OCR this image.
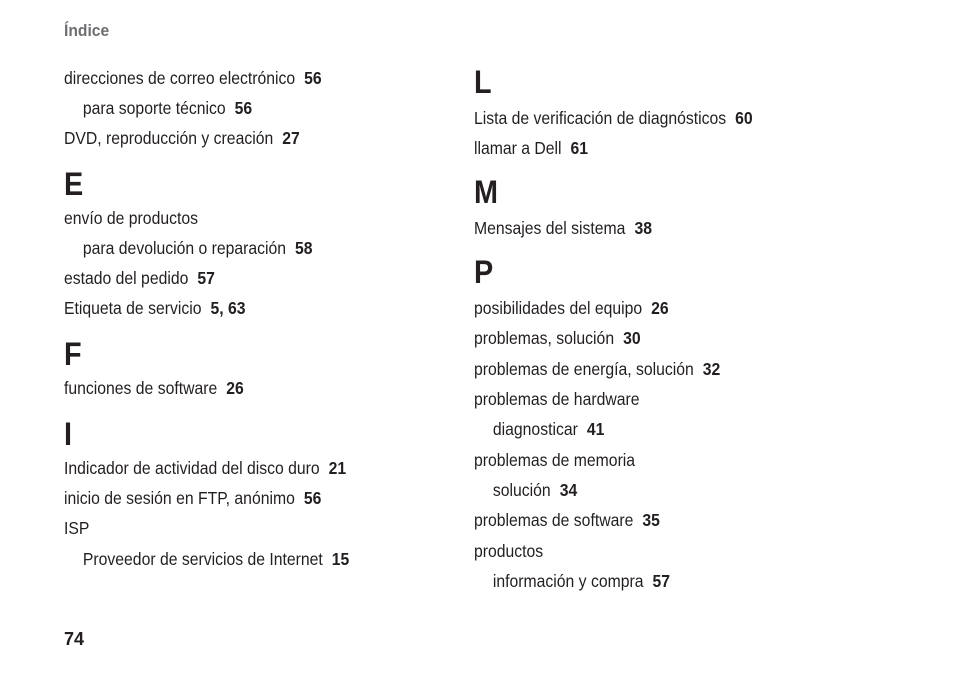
Índice
direcciones de correo electrónico 56
para soporte técnico 56
DVD, reproducción y creación 27
E
envío de productos
para devolución o reparación 58
estado del pedido 57
Etiqueta de servicio 5, 63
F
funciones de software 26
I
Indicador de actividad del disco duro 21
inicio de sesión en FTP, anónimo 56
ISP
Proveedor de servicios de Internet 15
L
Lista de verificación de diagnósticos 60
llamar a Dell 61
M
Mensajes del sistema 38
P
posibilidades del equipo 26
problemas, solución 30
problemas de energía, solución 32
problemas de hardware
diagnosticar 41
problemas de memoria
solución 34
problemas de software 35
productos
información y compra 57
74
